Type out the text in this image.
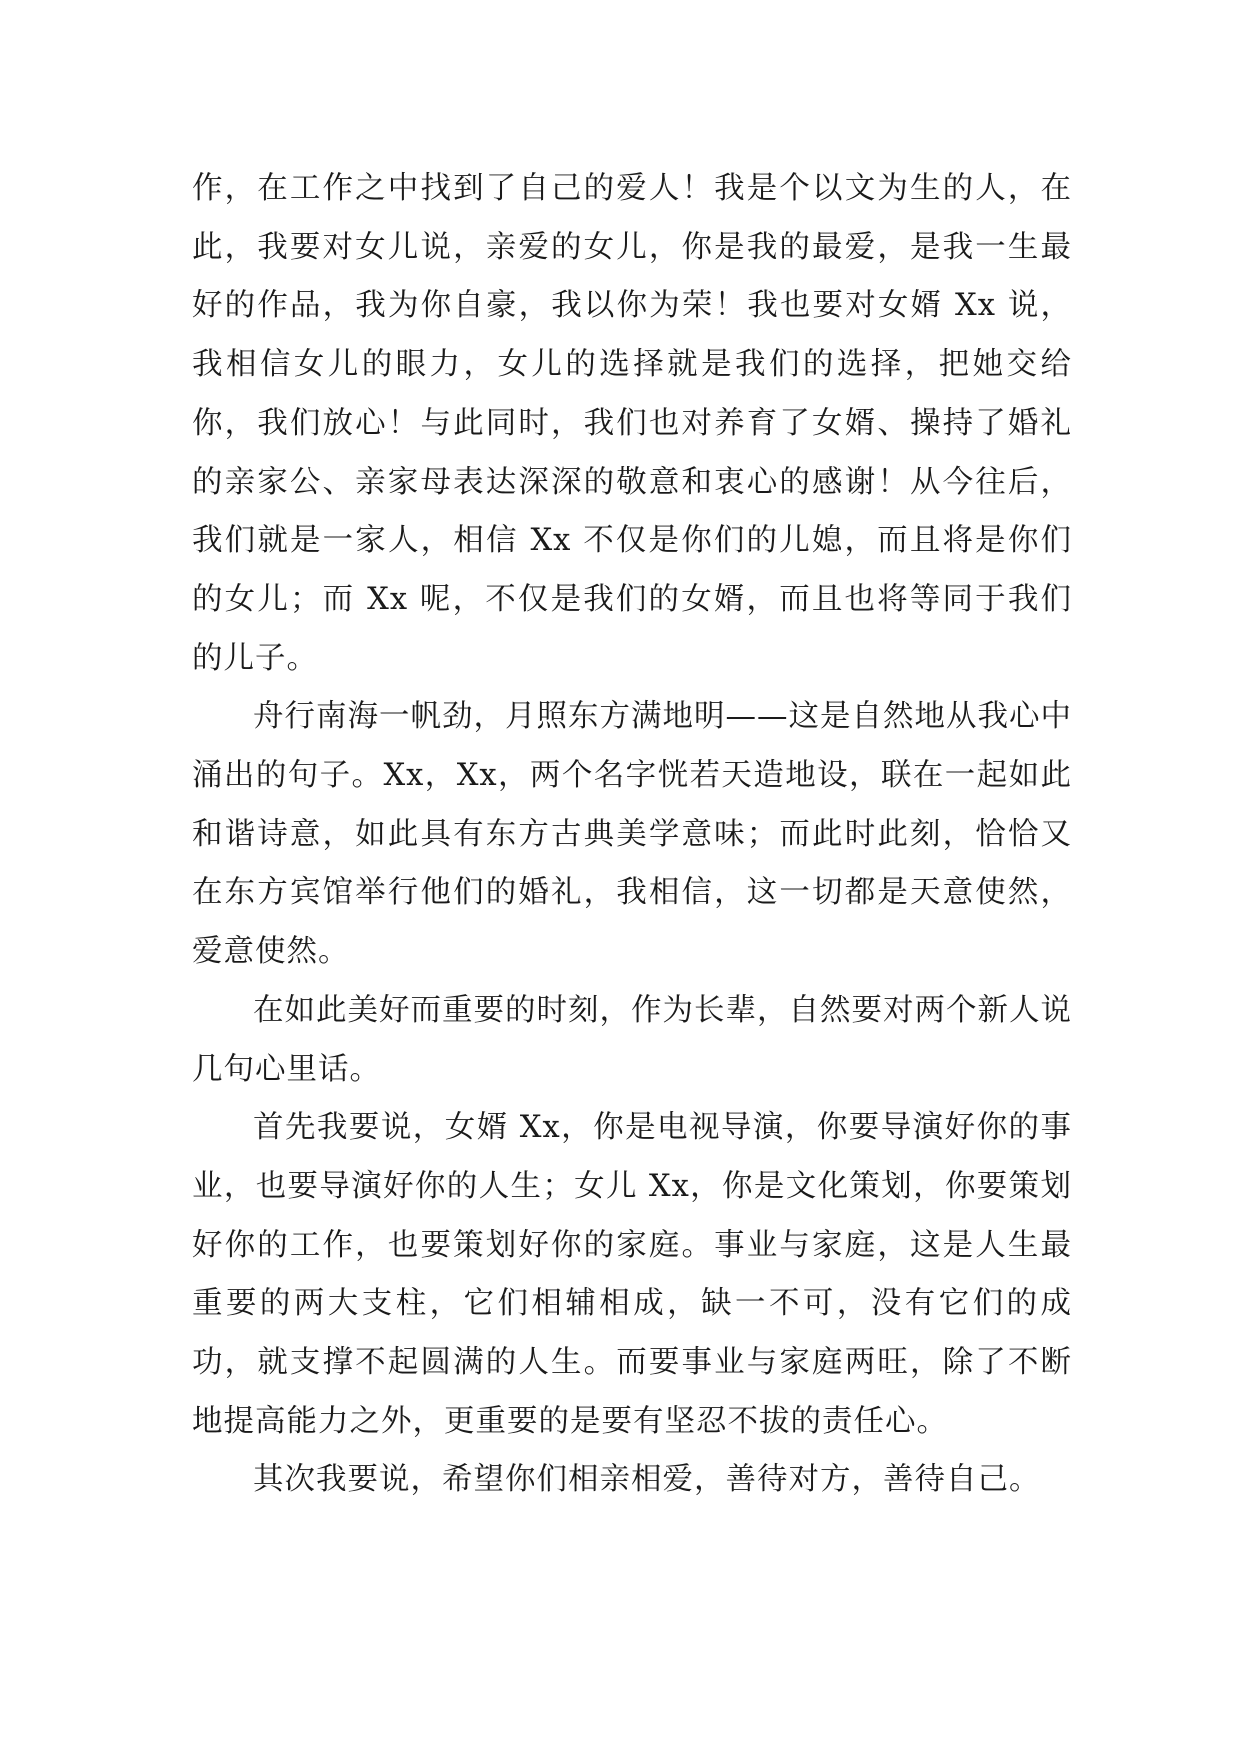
作，在工作之中找到了自己的爱人！我是个以文为生的人，在此，我要对女儿说，亲爱的女儿，你是我的最爱，是我一生最好的作品，我为你自豪，我以你为荣！我也要对女婿 Xx 说，我相信女儿的眼力，女儿的选择就是我们的选择，把她交给你，我们放心！与此同时，我们也对养育了女婿、操持了婚礼的亲家公、亲家母表达深深的敬意和衷心的感谢！从今往后，我们就是一家人，相信 Xx 不仅是你们的儿媳，而且将是你们的女儿；而 Xx 呢，不仅是我们的女婿，而且也将等同于我们的儿子。

舟行南海一帆劲，月照东方满地明——这是自然地从我心中涌出的句子。Xx，Xx，两个名字恍若天造地设，联在一起如此和谐诗意，如此具有东方古典美学意味；而此时此刻，恰恰又在东方宾馆举行他们的婚礼，我相信，这一切都是天意使然，爱意使然。

在如此美好而重要的时刻，作为长辈，自然要对两个新人说几句心里话。

首先我要说，女婿 Xx，你是电视导演，你要导演好你的事业，也要导演好你的人生；女儿 Xx，你是文化策划，你要策划好你的工作，也要策划好你的家庭。事业与家庭，这是人生最重要的两大支柱，它们相辅相成，缺一不可，没有它们的成功，就支撑不起圆满的人生。而要事业与家庭两旺，除了不断地提高能力之外，更重要的是要有坚忍不拔的责任心。

其次我要说，希望你们相亲相爱，善待对方，善待自己。
